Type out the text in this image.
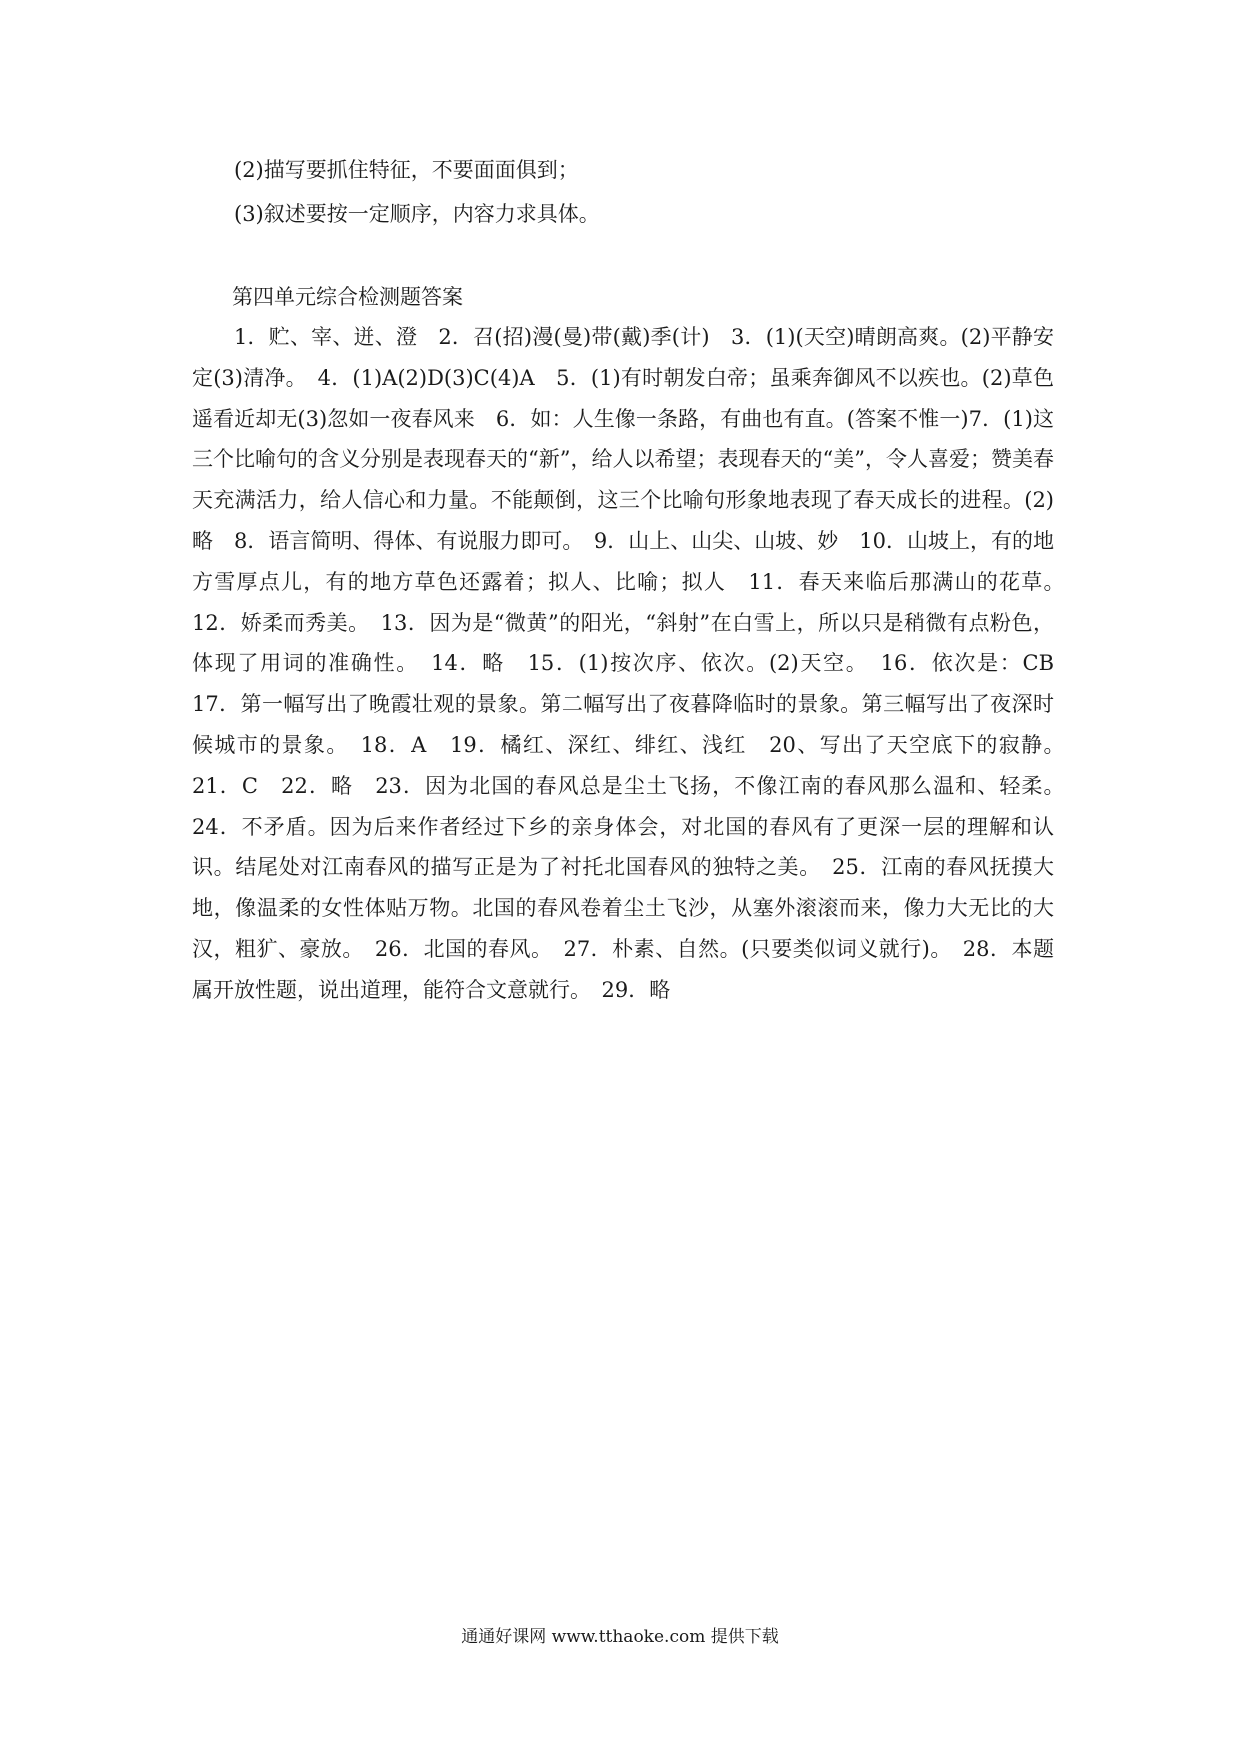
(2)描写要抓住特征，不要面面俱到；
(3)叙述要按一定顺序，内容力求具体。
第四单元综合检测题答案

1．贮、宰、迸、澄　2．召(招)漫(曼)带(戴)季(计)　3．(1)(天空)晴朗高爽。(2)平静安定(3)清净。　4．(1)A(2)D(3)C(4)A　5．(1)有时朝发白帝；虽乘奔御风不以疾也。(2)草色遥看近却无(3)忽如一夜春风来　6．如：人生像一条路，有曲也有直。(答案不惟一)7．(1)这三个比喻句的含义分别是表现春天的“新”，给人以希望；表现春天的“美”，令人喜爱；赞美春天充满活力，给人信心和力量。不能颠倒，这三个比喻句形象地表现了春天成长的进程。(2)略　8．语言简明、得体、有说服力即可。　9．山上、山尖、山坡、妙　10．山坡上，有的地方雪厚点儿，有的地方草色还露着；拟人、比喻；拟人　11．春天来临后那满山的花草。　12．娇柔而秀美。　13．因为是“微黄”的阳光，“斜射”在白雪上，所以只是稍微有点粉色，体现了用词的准确性。　14．略　15．(1)按次序、依次。(2)天空。　16．依次是：CB　17．第一幅写出了晚霞壮观的景象。第二幅写出了夜暮降临时的景象。第三幅写出了夜深时候城市的景象。　18．A　19．橘红、深红、绯红、浅红　20、写出了天空底下的寂静。　21．C　22．略　23．因为北国的春风总是尘土飞扬，不像江南的春风那么温和、轻柔。　24．不矛盾。因为后来作者经过下乡的亲身体会，对北国的春风有了更深一层的理解和认识。结尾处对江南春风的描写正是为了衬托北国春风的独特之美。　25．江南的春风抚摸大地，像温柔的女性体贴万物。北国的春风卷着尘土飞沙，从塞外滚滚而来，像力大无比的大汉，粗犷、豪放。　26．北国的春风。　27．朴素、自然。(只要类似词义就行)。　28．本题属开放性题，说出道理，能符合文意就行。　29．略

通通好课网 www.tthaoke.com 提供下载
